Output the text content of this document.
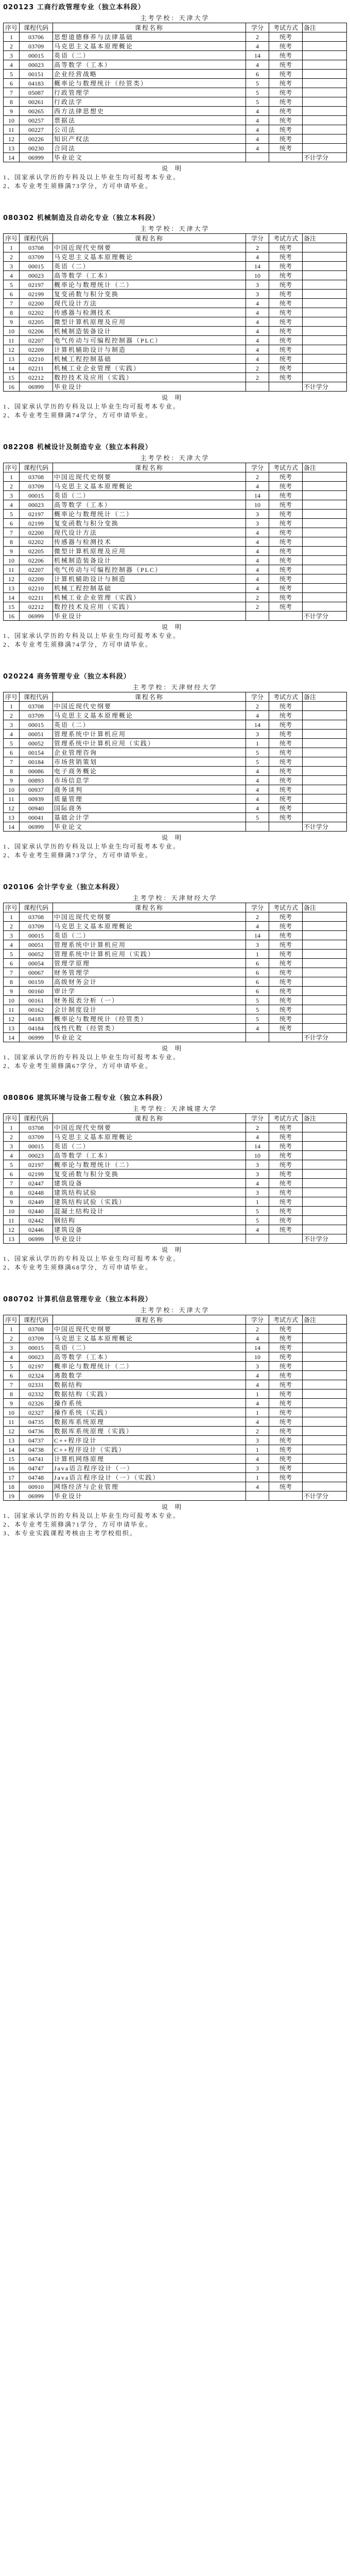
020123 工商行政管理专业（独立本科段）
主考学校：天津大学
序号	课程代码	课程名称	学分	考试方式	备注
1	03706	思想道德修养与法律基础	2	统考	
2	03709	马克思主义基本原理概论	4	统考	
3	00015	英语（二）	14	统考	
4	00023	高等数学（工本）	4	统考	
5	00151	企业经营战略	6	统考	
6	04183	概率论与数理统计（经管类）	5	统考	
7	05087	行政管理学	5	统考	
8	00261	行政法学	5	统考	
9	00265	西方法律思想史	4	统考	
10	00257	票据法	4	统考	
11	00227	公司法	4	统考	
12	00226	知识产权法	4	统考	
13	00230	合同法	4	统考	
14	06999	毕业论文			不计学分
说明
1、国家承认学历的专科及以上毕业生均可报考本专业。
2、本专业考生须修满73学分，方可申请毕业。
080302 机械制造及自动化专业（独立本科段）
主考学校：天津大学
序号	课程代码	课程名称	学分	考试方式	备注
1	03708	中国近现代史纲要	2	统考	
2	03709	马克思主义基本原理概论	4	统考	
3	00015	英语（二）	14	统考	
4	00023	高等数学（工本）	10	统考	
5	02197	概率论与数理统计（二）	3	统考	
6	02199	复变函数与积分变换	3	统考	
7	02200	现代设计方法	4	统考	
8	02202	传感器与检测技术	4	统考	
9	02205	微型计算机原理及应用	4	统考	
10	02206	机械制造装备设计	4	统考	
11	02207	电气传动与可编程控制器（PLC）	4	统考	
12	02209	计算机辅助设计与制造	4	统考	
13	02210	机械工程控制基础	4	统考	
14	02211	机械工业企业管理（实践）	2	统考	
15	02212	数控技术及应用（实践）	2	统考	
16	06999	毕业设计			不计学分
说明
1、国家承认学历的专科及以上毕业生均可报考本专业。
2、本专业考生须修满74学分，方可申请毕业。
082208 机械设计及制造专业（独立本科段）
主考学校：天津大学
序号	课程代码	课程名称	学分	考试方式	备注
1	03708	中国近现代史纲要	2	统考	
2	03709	马克思主义基本原理概论	4	统考	
3	00015	英语（二）	14	统考	
4	00023	高等数学（工本）	10	统考	
5	02197	概率论与数理统计（二）	3	统考	
6	02199	复变函数与积分变换	3	统考	
7	02200	现代设计方法	4	统考	
8	02202	传感器与检测技术	4	统考	
9	02205	微型计算机原理及应用	4	统考	
10	02206	机械制造装备设计	4	统考	
11	02207	电气传动与可编程控制器（PLC）	4	统考	
12	02209	计算机辅助设计与制造	4	统考	
13	02210	机械工程控制基础	4	统考	
14	02211	机械工业企业管理（实践）	2	统考	
15	02212	数控技术及应用（实践）	2	统考	
16	06999	毕业设计			不计学分
说明
1、国家承认学历的专科及以上毕业生均可报考本专业。
2、本专业考生须修满74学分，方可申请毕业。
020224 商务管理专业（独立本科段）
主考学校：天津财经大学
序号	课程代码	课程名称	学分	考试方式	备注
1	03708	中国近现代史纲要	2	统考	
2	03709	马克思主义基本原理概论	4	统考	
3	00015	英语（二）	14	统考	
4	00051	管理系统中计算机应用	3	统考	
5	00052	管理系统中计算机应用（实践）	1	统考	
6	00154	企业管理咨询	5	统考	
7	00184	市场营销策划	5	统考	
8	00086	电子商务概论	4	统考	
9	00893	市场信息学	4	统考	
10	00937	商务谈判	4	统考	
11	00939	质量管理	4	统考	
12	00940	国际商务	4	统考	
13	00041	基础会计学	5	统考	
14	06999	毕业论文			不计学分
说明
1、国家承认学历的专科及以上毕业生均可报考本专业。
2、本专业考生须修满73学分，方可申请毕业。
020106 会计学专业（独立本科段）
主考学校：天津财经大学
序号	课程代码	课程名称	学分	考试方式	备注
1	03708	中国近现代史纲要	2	统考	
2	03709	马克思主义基本原理概论	4	统考	
3	00015	英语（二）	14	统考	
4	00051	管理系统中计算机应用	3	统考	
5	00052	管理系统中计算机应用（实践）	1	统考	
6	00054	管理学原理	6	统考	
7	00067	财务管理学	6	统考	
8	00159	高级财务会计	6	统考	
9	00160	审计学	6	统考	
10	00161	财务报表分析（一）	5	统考	
11	00162	会计制度设计	5	统考	
12	04183	概率论与数理统计（经管类）	5	统考	
13	04184	线性代数（经管类）	4	统考	
14	06999	毕业论文			不计学分
说明
1、国家承认学历的专科及以上毕业生均可报考本专业。
2、本专业考生须修满67学分，方可申请毕业。
080806 建筑环境与设备工程专业（独立本科段）
主考学校：天津城建大学
序号	课程代码	课程名称	学分	考试方式	备注
1	03708	中国近现代史纲要	2	统考	
2	03709	马克思主义基本原理概论	4	统考	
3	00015	英语（二）	14	统考	
4	00023	高等数学（工本）	10	统考	
5	02197	概率论与数理统计（二）	3	统考	
6	02199	复变函数与积分变换	3	统考	
7	02447	建筑设备	4	统考	
8	02448	建筑结构试验	3	统考	
9	02449	建筑结构试验（实践）	1	统考	
10	02440	混凝土结构设计	5	统考	
11	02442	钢结构	5	统考	
12	02446	建筑设备	4	统考	
13	06999	毕业设计			不计学分
说明
1、国家承认学历的专科及以上毕业生均可报考本专业。
2、本专业考生须修满68学分，方可申请毕业。
080702 计算机信息管理专业（独立本科段）
主考学校：天津大学
序号	课程代码	课程名称	学分	考试方式	备注
1	03708	中国近现代史纲要	2	统考	
2	03709	马克思主义基本原理概论	4	统考	
3	00015	英语（二）	14	统考	
4	00023	高等数学（工本）	10	统考	
5	02197	概率论与数理统计（二）	3	统考	
6	02324	离散数学	4	统考	
7	02331	数据结构	4	统考	
8	02332	数据结构（实践）	1	统考	
9	02326	操作系统	4	统考	
10	02327	操作系统（实践）	1	统考	
11	04735	数据库系统原理	4	统考	
12	04736	数据库系统原理（实践）	2	统考	
13	04737	C++程序设计	3	统考	
14	04738	C++程序设计（实践）	1	统考	
15	04741	计算机网络原理	4	统考	
16	04747	Java语言程序设计（一）	3	统考	
17	04748	Java语言程序设计（一）（实践）	1	统考	
18	00910	网络经济与企业管理	4	统考	
19	06999	毕业设计			不计学分
说明
1、国家承认学历的专科及以上毕业生均可报考本专业。
2、本专业考生须修满71学分，方可申请毕业。
3、本专业实践课程考核由主考学校组织。
